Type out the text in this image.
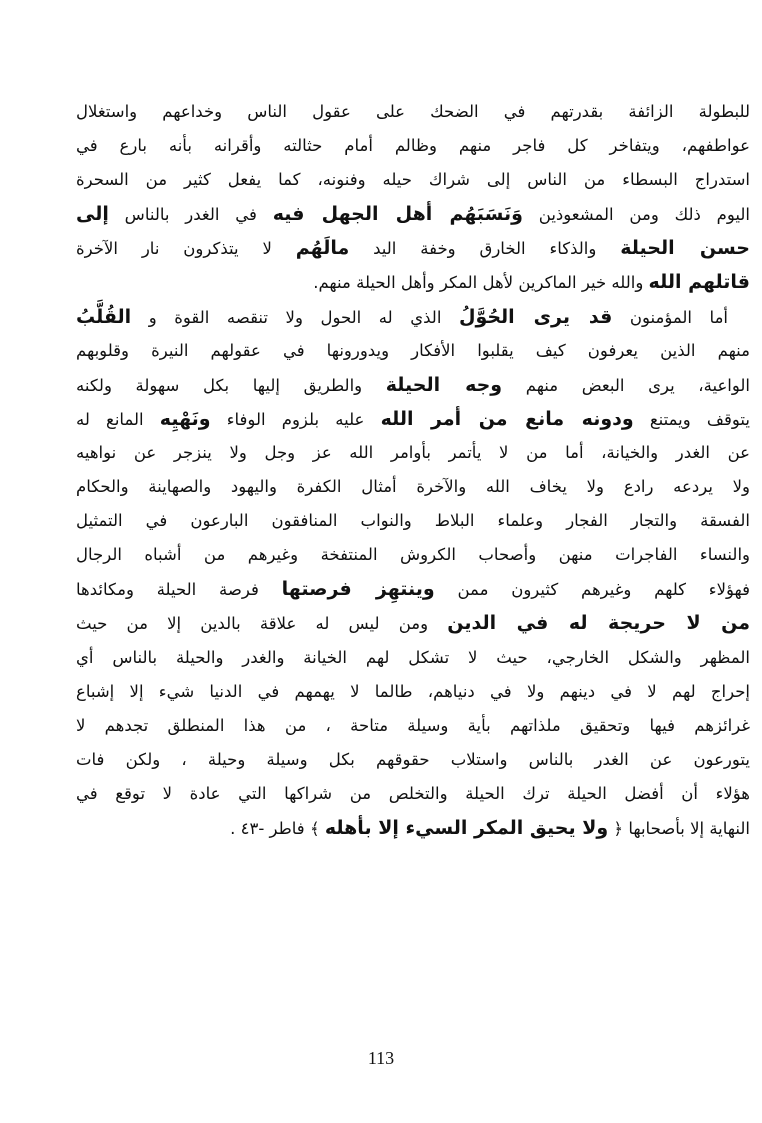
للبطولة الزائفة بقدرتهم في الضحك على عقول الناس وخداعهم واستغلال
عواطفهم، ويتفاخر كل فاجر منهم وظالم أمام حثالته وأقرانه بأنه بارع في
استدراج البسطاء من الناس إلى شراك حيله وفنونه، كما يفعل كثير من السحرة
اليوم ذلك ومن المشعوذين وَنَسَبَهُم أهل الجهل فيه في الغدر بالناس إلى
حسن الحيلة والذكاء الخارق وخفة اليد مالَهُم لا يتذكرون نار الآخرة
قاتلهم الله والله خير الماكرين لأهل المكر وأهل الحيلة منهم.
أما المؤمنون قد يرى الحُوَّلُ الذي له الحول ولا تنقصه القوة و القُلَّبُ
منهم الذين يعرفون كيف يقلبوا الأفكار ويدورونها في عقولهم النيرة وقلوبهم
الواعية، يرى البعض منهم وجه الحيلة والطريق إليها بكل سهولة ولكنه
يتوقف ويمتنع ودونه مانع من أمر الله عليه بلزوم الوفاء ونَهْيِه المانع له
عن الغدر والخيانة، أما من لا يأتمر بأوامر الله عز وجل ولا ينزجر عن نواهيه
ولا يردعه رادع ولا يخاف الله والآخرة أمثال الكفرة واليهود والصهاينة والحكام
الفسقة والتجار الفجار وعلماء البلاط والنواب المنافقون البارعون في التمثيل
والنساء الفاجرات منهن وأصحاب الكروش المنتفخة وغيرهم من أشباه الرجال
فهؤلاء كلهم وغيرهم كثيرون ممن وينتهِز فرصتها فرصة الحيلة ومكائدها
من لا حريجة له في الدين ومن ليس له علاقة بالدين إلا من حيث
المظهر والشكل الخارجي، حيث لا تشكل لهم الخيانة والغدر والحيلة بالناس أي
إحراج لهم لا في دينهم ولا في دنياهم، طالما لا يهمهم في الدنيا شيء إلا إشباع
غرائزهم فيها وتحقيق ملذاتهم بأية وسيلة متاحة ، من هذا المنطلق تجدهم لا
يتورعون عن الغدر بالناس واستلاب حقوقهم بكل وسيلة وحيلة ، ولكن فات
هؤلاء أن أفضل الحيلة ترك الحيلة والتخلص من شراكها التي عادة لا توقع في
النهاية إلا بأصحابها ﴿ ولا يحيق المكر السيء إلا بأهله ﴾ فاطر -٤٣ .
113
